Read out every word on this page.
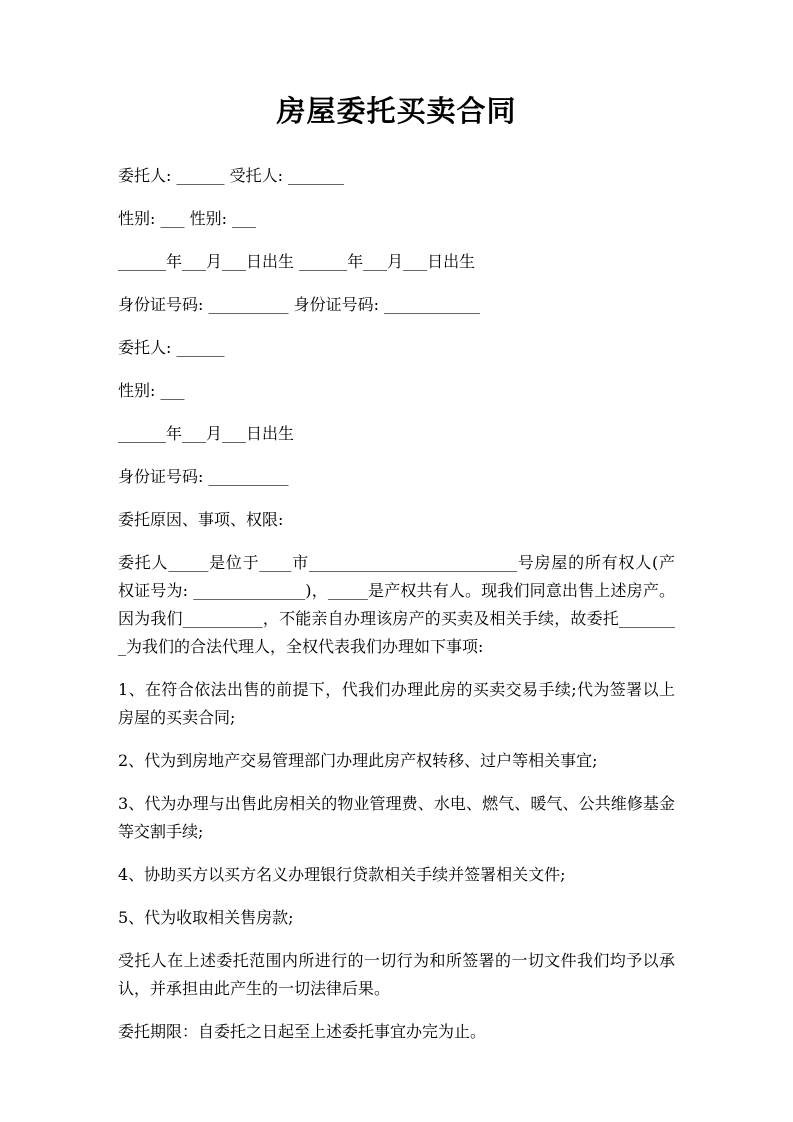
房屋委托买卖合同

委托人: ______ 受托人: _______

性别: ___ 性别: ___

______年___月___日出生 ______年___月___日出生

身份证号码: __________ 身份证号码: ____________

委托人: ______

性别: ___

______年___月___日出生

身份证号码: __________

委托原因、事项、权限:

委托人_____是位于____市__________________________号房屋的所有权人(产权证号为: ______________)，_____是产权共有人。现我们同意出售上述房产。因为我们__________，不能亲自办理该房产的买卖及相关手续，故委托________为我们的合法代理人，全权代表我们办理如下事项:

1、在符合依法出售的前提下，代我们办理此房的买卖交易手续;代为签署以上房屋的买卖合同;

2、代为到房地产交易管理部门办理此房产权转移、过户等相关事宜;

3、代为办理与出售此房相关的物业管理费、水电、燃气、暖气、公共维修基金等交割手续;

4、协助买方以买方名义办理银行贷款相关手续并签署相关文件;

5、代为收取相关售房款;

受托人在上述委托范围内所进行的一切行为和所签署的一切文件我们均予以承认，并承担由此产生的一切法律后果。

委托期限：自委托之日起至上述委托事宜办完为止。
